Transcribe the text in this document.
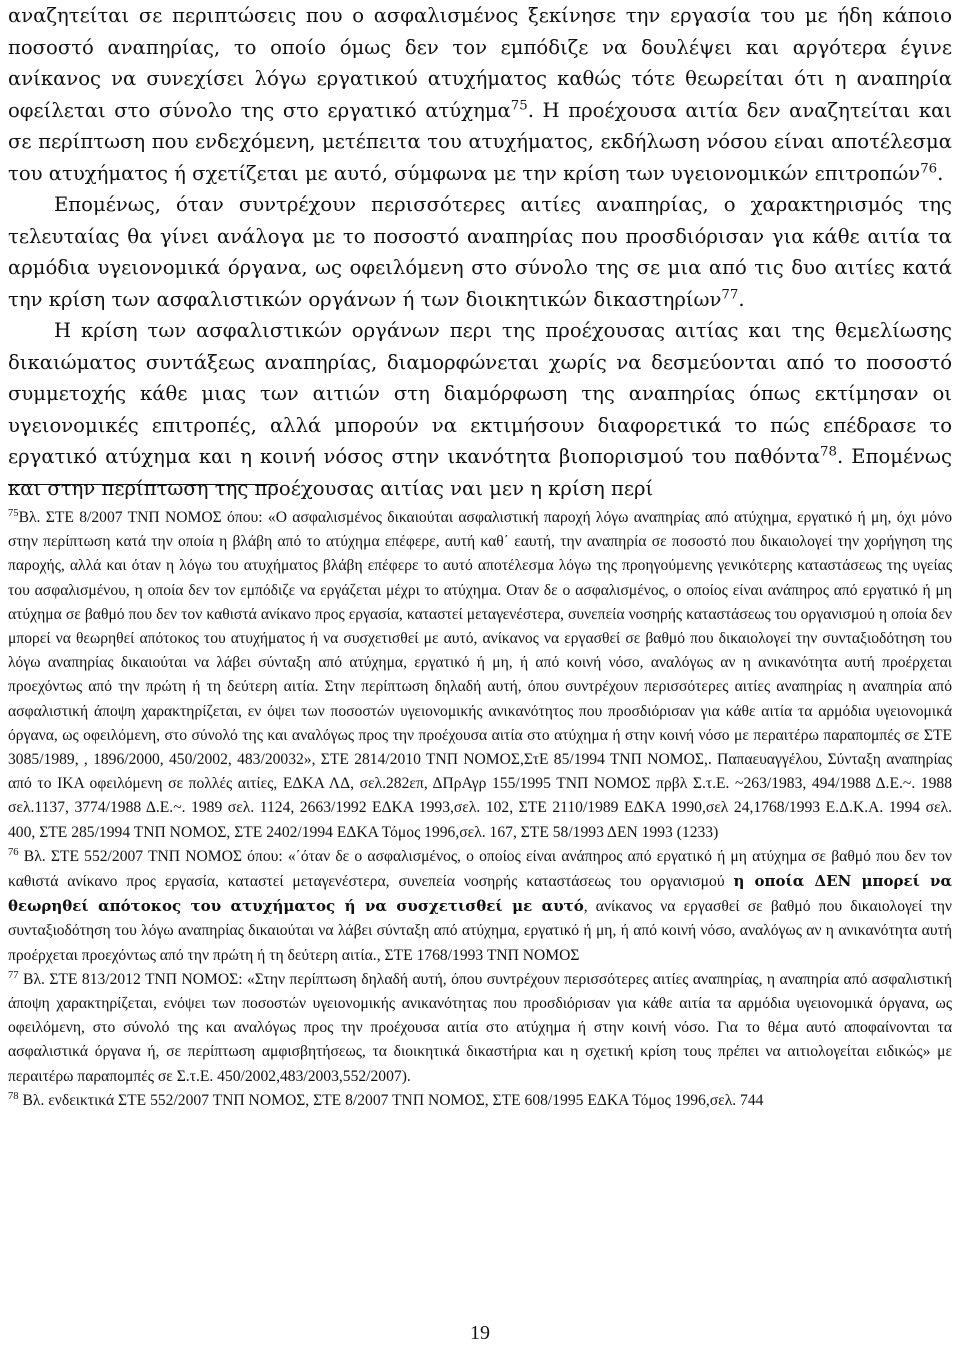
αναζητείται σε περιπτώσεις που ο ασφαλισμένος ξεκίνησε την εργασία του με ήδη κάποιο ποσοστό αναπηρίας, το οποίο όμως δεν τον εμπόδιζε να δουλέψει και αργότερα έγινε ανίκανος να συνεχίσει λόγω εργατικού ατυχήματος καθώς τότε θεωρείται ότι η αναπηρία οφείλεται στο σύνολο της στο εργατικό ατύχημα$^{75}$. Η προέχουσα αιτία δεν αναζητείται και σε περίπτωση που ενδεχόμενη, μετέπειτα του ατυχήματος, εκδήλωση νόσου είναι αποτέλεσμα του ατυχήματος ή σχετίζεται με αυτό, σύμφωνα με την κρίση των υγειονομικών επιτροπών$^{76}$.

Επομένως, όταν συντρέχουν περισσότερες αιτίες αναπηρίας, ο χαρακτηρισμός της τελευταίας θα γίνει ανάλογα με το ποσοστό αναπηρίας που προσδιόρισαν για κάθε αιτία τα αρμόδια υγειονομικά όργανα, ως οφειλόμενη στο σύνολο της σε μια από τις δυο αιτίες κατά την κρίση των ασφαλιστικών οργάνων ή των διοικητικών δικαστηρίων$^{77}$.

Η κρίση των ασφαλιστικών οργάνων περι της προέχουσας αιτίας και της θεμελίωσης δικαιώματος συντάξεως αναπηρίας, διαμορφώνεται χωρίς να δεσμεύονται από το ποσοστό συμμετοχής κάθε μιας των αιτιών στη διαμόρφωση της αναπηρίας όπως εκτίμησαν οι υγειονομικές επιτροπές, αλλά μπορούν να εκτιμήσουν διαφορετικά το πώς επέδρασε το εργατικό ατύχημα και η κοινή νόσος στην ικανότητα βιοπορισμού του παθόντα$^{78}$. Επομένως και στην περίπτωση της προέχουσας αιτίας ναι μεν η κρίση περί

$^{75}$Βλ. ΣΤΕ 8/2007 ΤΝΠ ΝΟΜΟΣ όπου: «Ο ασφαλισμένος δικαιούται ασφαλιστική παροχή λόγω αναπηρίας από ατύχημα, εργατικό ή μη, όχι μόνο στην περίπτωση κατά την οποία η βλάβη από το ατύχημα επέφερε, αυτή καθ΄ εαυτή, την αναπηρία σε ποσοστό που δικαιολογεί την χορήγηση της παροχής, αλλά και όταν η λόγω του ατυχήματος βλάβη επέφερε το αυτό αποτέλεσμα λόγω της προηγούμενης γενικότερης καταστάσεως της υγείας του ασφαλισμένου, η οποία δεν τον εμπόδιζε να εργάζεται μέχρι το ατύχημα. Οταν δε ο ασφαλισμένος, ο οποίος είναι ανάπηρος από εργατικό ή μη ατύχημα σε βαθμό που δεν τον καθιστά ανίκανο προς εργασία, καταστεί μεταγενέστερα, συνεπεία νοσηρής καταστάσεως του οργανισμού η οποία δεν μπορεί να θεωρηθεί απότοκος του ατυχήματος ή να συσχετισθεί με αυτό, ανίκανος να εργασθεί σε βαθμό που δικαιολογεί την συνταξιοδότηση του λόγω αναπηρίας δικαιούται να λάβει σύνταξη από ατύχημα, εργατικό ή μη, ή από κοινή νόσο, αναλόγως αν η ανικανότητα αυτή προέρχεται προεχόντως από την πρώτη ή τη δεύτερη αιτία. Στην περίπτωση δηλαδή αυτή, όπου συντρέχουν περισσότερες αιτίες αναπηρίας η αναπηρία από ασφαλιστική άποψη χαρακτηρίζεται, εν όψει των ποσοστών υγειονομικής ανικανότητος που προσδιόρισαν για κάθε αιτία τα αρμόδια υγειονομικά όργανα, ως οφειλόμενη, στο σύνολό της και αναλόγως προς την προέχουσα αιτία στο ατύχημα ή στην κοινή νόσο με περαιτέρω παραπομπές σε ΣΤΕ 3085/1989, , 1896/2000, 450/2002, 483/20032», ΣΤΕ 2814/2010 ΤΝΠ ΝΟΜΟΣ,ΣτΕ 85/1994 ΤΝΠ ΝΟΜΟΣ,. Παπαευαγγέλου, Σύνταξη αναπηρίας από το ΙΚΑ οφειλόμενη σε πολλές αιτίες, ΕΔΚΑ ΛΔ, σελ.282επ, ΔΠρΑγρ 155/1995 ΤΝΠ ΝΟΜΟΣ πρβλ Σ.τ.Ε. ~263/1983, 494/1988 Δ.Ε.~. 1988 σελ.1137, 3774/1988 Δ.Ε.~. 1989 σελ. 1124, 2663/1992 ΕΔΚΑ 1993,σελ. 102, ΣΤΕ 2110/1989 ΕΔΚΑ 1990,σελ 24,1768/1993 Ε.Δ.Κ.Α. 1994 σελ. 400, ΣΤΕ 285/1994 ΤΝΠ ΝΟΜΟΣ, ΣΤΕ 2402/1994 ΕΔΚΑ Τόμος 1996,σελ. 167, ΣΤΕ 58/1993 ΔΕΝ 1993 (1233)

$^{76}$ Βλ. ΣΤΕ 552/2007 ΤΝΠ ΝΟΜΟΣ όπου: «΄όταν δε ο ασφαλισμένος, ο οποίος είναι ανάπηρος από εργατικό ή μη ατύχημα σε βαθμό που δεν τον καθιστά ανίκανο προς εργασία, καταστεί μεταγενέστερα, συνεπεία νοσηρής καταστάσεως του οργανισμού η οποία ΔΕΝ μπορεί να θεωρηθεί απότοκος του ατυχήματος ή να συσχετισθεί με αυτό, ανίκανος να εργασθεί σε βαθμό που δικαιολογεί την συνταξιοδότηση του λόγω αναπηρίας δικαιούται να λάβει σύνταξη από ατύχημα, εργατικό ή μη, ή από κοινή νόσο, αναλόγως αν η ανικανότητα αυτή προέρχεται προεχόντως από την πρώτη ή τη δεύτερη αιτία., ΣΤΕ 1768/1993 ΤΝΠ ΝΟΜΟΣ

$^{77}$ Βλ. ΣΤΕ 813/2012 ΤΝΠ ΝΟΜΟΣ: «Στην περίπτωση δηλαδή αυτή, όπου συντρέχουν περισσότερες αιτίες αναπηρίας, η αναπηρία από ασφαλιστική άποψη χαρακτηρίζεται, ενόψει των ποσοστών υγειονομικής ανικανότητας που προσδιόρισαν για κάθε αιτία τα αρμόδια υγειονομικά όργανα, ως οφειλόμενη, στο σύνολό της και αναλόγως προς την προέχουσα αιτία στο ατύχημα ή στην κοινή νόσο. Για το θέμα αυτό αποφαίνονται τα ασφαλιστικά όργανα ή, σε περίπτωση αμφισβητήσεως, τα διοικητικά δικαστήρια και η σχετική κρίση τους πρέπει να αιτιολογείται ειδικώς» με περαιτέρω παραπομπές σε Σ.τ.Ε. 450/2002,483/2003,552/2007).

$^{78}$ Βλ. ενδεικτικά ΣΤΕ 552/2007 ΤΝΠ ΝΟΜΟΣ, ΣΤΕ 8/2007 ΤΝΠ ΝΟΜΟΣ, ΣΤΕ 608/1995 ΕΔΚΑ Τόμος 1996,σελ. 744

19
